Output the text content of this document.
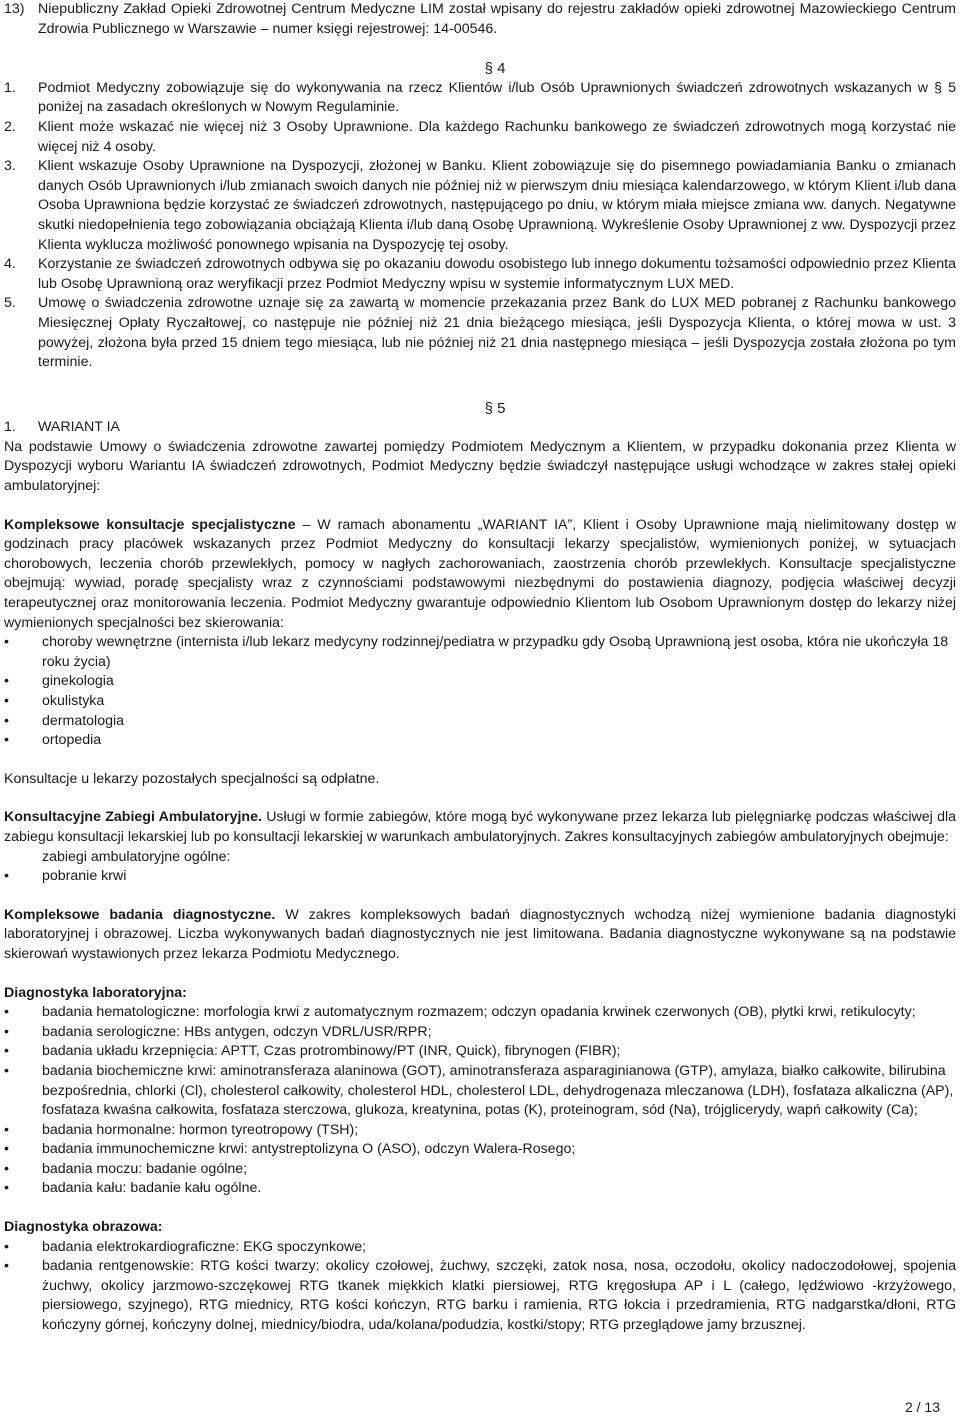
13) Niepubliczny Zakład Opieki Zdrowotnej Centrum Medyczne LIM został wpisany do rejestru zakładów opieki zdrowotnej Mazowieckiego Centrum Zdrowia Publicznego w Warszawie – numer księgi rejestrowej: 14-00546.
§ 4
1.	Podmiot Medyczny zobowiązuje się do wykonywania na rzecz Klientów i/lub Osób Uprawnionych świadczeń zdrowotnych wskazanych w § 5 poniżej na zasadach określonych w Nowym Regulaminie.
2.	Klient może wskazać nie więcej niż 3 Osoby Uprawnione. Dla każdego Rachunku bankowego ze świadczeń zdrowotnych mogą korzystać nie więcej niż 4 osoby.
3.	Klient wskazuje Osoby Uprawnione na Dyspozycji, złożonej w Banku. Klient zobowiązuje się do pisemnego powiadamiania Banku o zmianach danych Osób Uprawnionych i/lub zmianach swoich danych nie później niż w pierwszym dniu miesiąca kalendarzowego, w którym Klient i/lub dana Osoba Uprawniona będzie korzystać ze świadczeń zdrowotnych, następującego po dniu, w którym miała miejsce zmiana ww. danych. Negatywne skutki niedopełnienia tego zobowiązania obciążają Klienta i/lub daną Osobę Uprawnioną. Wykreślenie Osoby Uprawnionej z ww. Dyspozycji przez Klienta wyklucza możliwość ponownego wpisania na Dyspozycję tej osoby.
4.	Korzystanie ze świadczeń zdrowotnych odbywa się po okazaniu dowodu osobistego lub innego dokumentu tożsamości odpowiednio przez Klienta lub Osobę Uprawnioną oraz weryfikacji przez Podmiot Medyczny wpisu w systemie informatycznym LUX MED.
5.	Umowę o świadczenia zdrowotne uznaje się za zawartą w momencie przekazania przez Bank do LUX MED pobranej z Rachunku bankowego Miesięcznej Opłaty Ryczałtowej, co następuje nie później niż 21 dnia bieżącego miesiąca, jeśli Dyspozycja Klienta, o której mowa w ust. 3 powyżej, złożona była przed 15 dniem tego miesiąca, lub nie później niż 21 dnia następnego miesiąca – jeśli Dyspozycja została złożona po tym terminie.
§ 5
1.	WARIANT IA
Na podstawie Umowy o świadczenia zdrowotne zawartej pomiędzy Podmiotem Medycznym a Klientem, w przypadku dokonania przez Klienta w Dyspozycji wyboru Wariantu IA świadczeń zdrowotnych, Podmiot Medyczny będzie świadczył następujące usługi wchodzące w zakres stałej opieki ambulatoryjnej:
Kompleksowe konsultacje specjalistyczne – W ramach abonamentu „WARIANT IA”, Klient i Osoby Uprawnione mają nielimitowany dostęp w godzinach pracy placówek wskazanych przez Podmiot Medyczny do konsultacji lekarzy specjalistów, wymienionych poniżej, w sytuacjach chorobowych, leczenia chorób przewlekłych, pomocy w nagłych zachorowaniach, zaostrzenia chorób przewlekłych. Konsultacje specjalistyczne obejmują: wywiad, poradę specjalisty wraz z czynnościami podstawowymi niezbędnymi do postawienia diagnozy, podjęcia właściwej decyzji terapeutycznej oraz monitorowania leczenia. Podmiot Medyczny gwarantuje odpowiednio Klientom lub Osobom Uprawnionym dostęp do lekarzy niżej wymienionych specjalności bez skierowania:
•	choroby wewnętrzne (internista i/lub lekarz medycyny rodzinnej/pediatra w przypadku gdy Osobą Uprawnioną jest osoba, która nie ukończyła 18 roku życia)
•	ginekologia
•	okulistyka
•	dermatologia
•	ortopedia
Konsultacje u lekarzy pozostałych specjalności są odpłatne.
Konsultacyjne Zabiegi Ambulatoryjne. Usługi w formie zabiegów, które mogą być wykonywane przez lekarza lub pielęgniarkę podczas właściwej dla zabiegu konsultacji lekarskiej lub po konsultacji lekarskiej w warunkach ambulatoryjnych. Zakres konsultacyjnych zabiegów ambulatoryjnych obejmuje:
zabiegi ambulatoryjne ogólne:
•	pobranie krwi
Kompleksowe badania diagnostyczne. W zakres kompleksowych badań diagnostycznych wchodzą niżej wymienione badania diagnostyki laboratoryjnej i obrazowej. Liczba wykonywanych badań diagnostycznych nie jest limitowana. Badania diagnostyczne wykonywane są na podstawie skierowań wystawionych przez lekarza Podmiotu Medycznego.
Diagnostyka laboratoryjna:
•	badania hematologiczne: morfologia krwi z automatycznym rozmazem; odczyn opadania krwinek czerwonych (OB), płytki krwi, retikulocyty;
•	badania serologiczne: HBs antygen, odczyn VDRL/USR/RPR;
•	badania układu krzepnięcia: APTT, Czas protrombinowy/PT (INR, Quick), fibrynogen (FIBR);
•	badania biochemiczne krwi: aminotransferaza alaninowa (GOT), aminotransferaza asparaginianowa (GTP), amylaza, białko całkowite, bilirubina bezpośrednia, chlorki (Cl), cholesterol całkowity, cholesterol HDL, cholesterol LDL, dehydrogenaza mleczanowa (LDH), fosfataza alkaliczna (AP), fosfataza kwaśna całkowita, fosfataza sterczowa, glukoza, kreatynina, potas (K), proteinogram, sód (Na), trójglicerydy, wapń całkowity (Ca);
•	badania hormonalne: hormon tyreotropowy (TSH);
•	badania immunochemiczne krwi: antystreptolizyna O (ASO), odczyn Walera-Rosego;
•	badania moczu: badanie ogólne;
•	badania kału: badanie kału ogólne.
Diagnostyka obrazowa:
•	badania elektrokardiograficzne: EKG spoczynkowe;
•	badania rentgenowskie: RTG kości twarzy: okolicy czołowej, żuchwy, szczęki, zatok nosa, nosa, oczodołu, okolicy nadoczodołowej, spojenia żuchwy, okolicy jarzmowo-szczękowej RTG tkanek miękkich klatki piersiowej, RTG kręgosłupa AP i L (całego, lędźwiowo -krzyżowego, piersiowego, szyjnego), RTG miednicy, RTG kości kończyn, RTG barku i ramienia, RTG łokcia i przedramienia, RTG nadgarstka/dłoni, RTG kończyny górnej, kończyny dolnej, miednicy/biodra, uda/kolana/podudzia, kostki/stopy; RTG przeglądowe jamy brzusznej.
2 / 13
